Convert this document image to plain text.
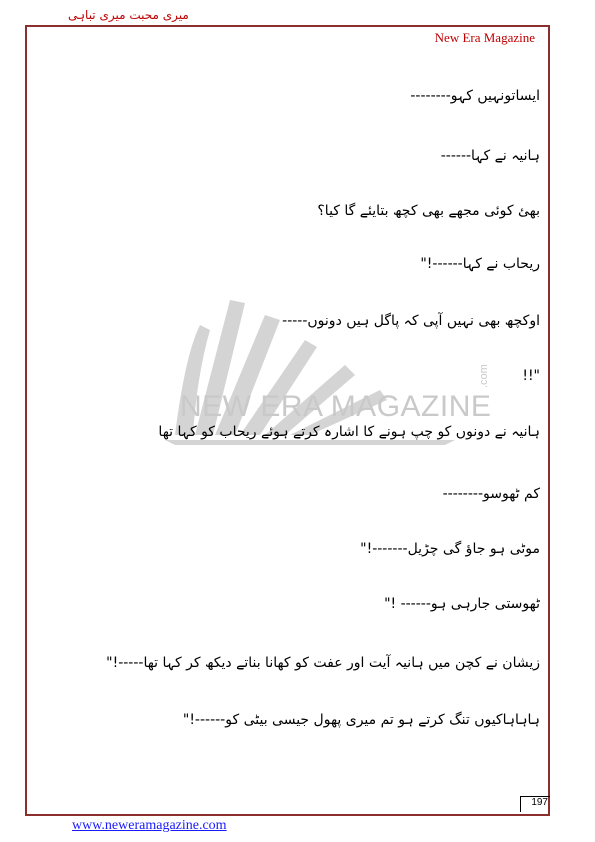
میری محبت میری تباہی
New Era Magazine
NEW ERA MAGAZINE
.com
ایساتونہیں کہو--------
ہانیہ نے کہا------
بھئ کوئی مجھے بھی کچھ بتایئے گا کیا؟
ریحاب نے کہا------!"
اوکچھ بھی نہیں آپی کہ پاگل ہیں دونوں-----
"!!
ہانیہ نے دونوں کو چپ ہونے کا اشارہ کرتے ہوئے ریحاب کو کہا تھا
کم ٹھوسو--------
موٹی ہو جاؤ گی چڑیل-------!"
ٹھوستی جارہی ہو------ !"
زیشان نے کچن میں ہانیہ آیت اور عفت کو کھانا بناتے دیکھ کر کہا تھا-----!"
ہاہاہاکیوں تنگ کرتے ہو تم میری پھول جیسی بیٹی کو------!"
197
www.neweramagazine.com
